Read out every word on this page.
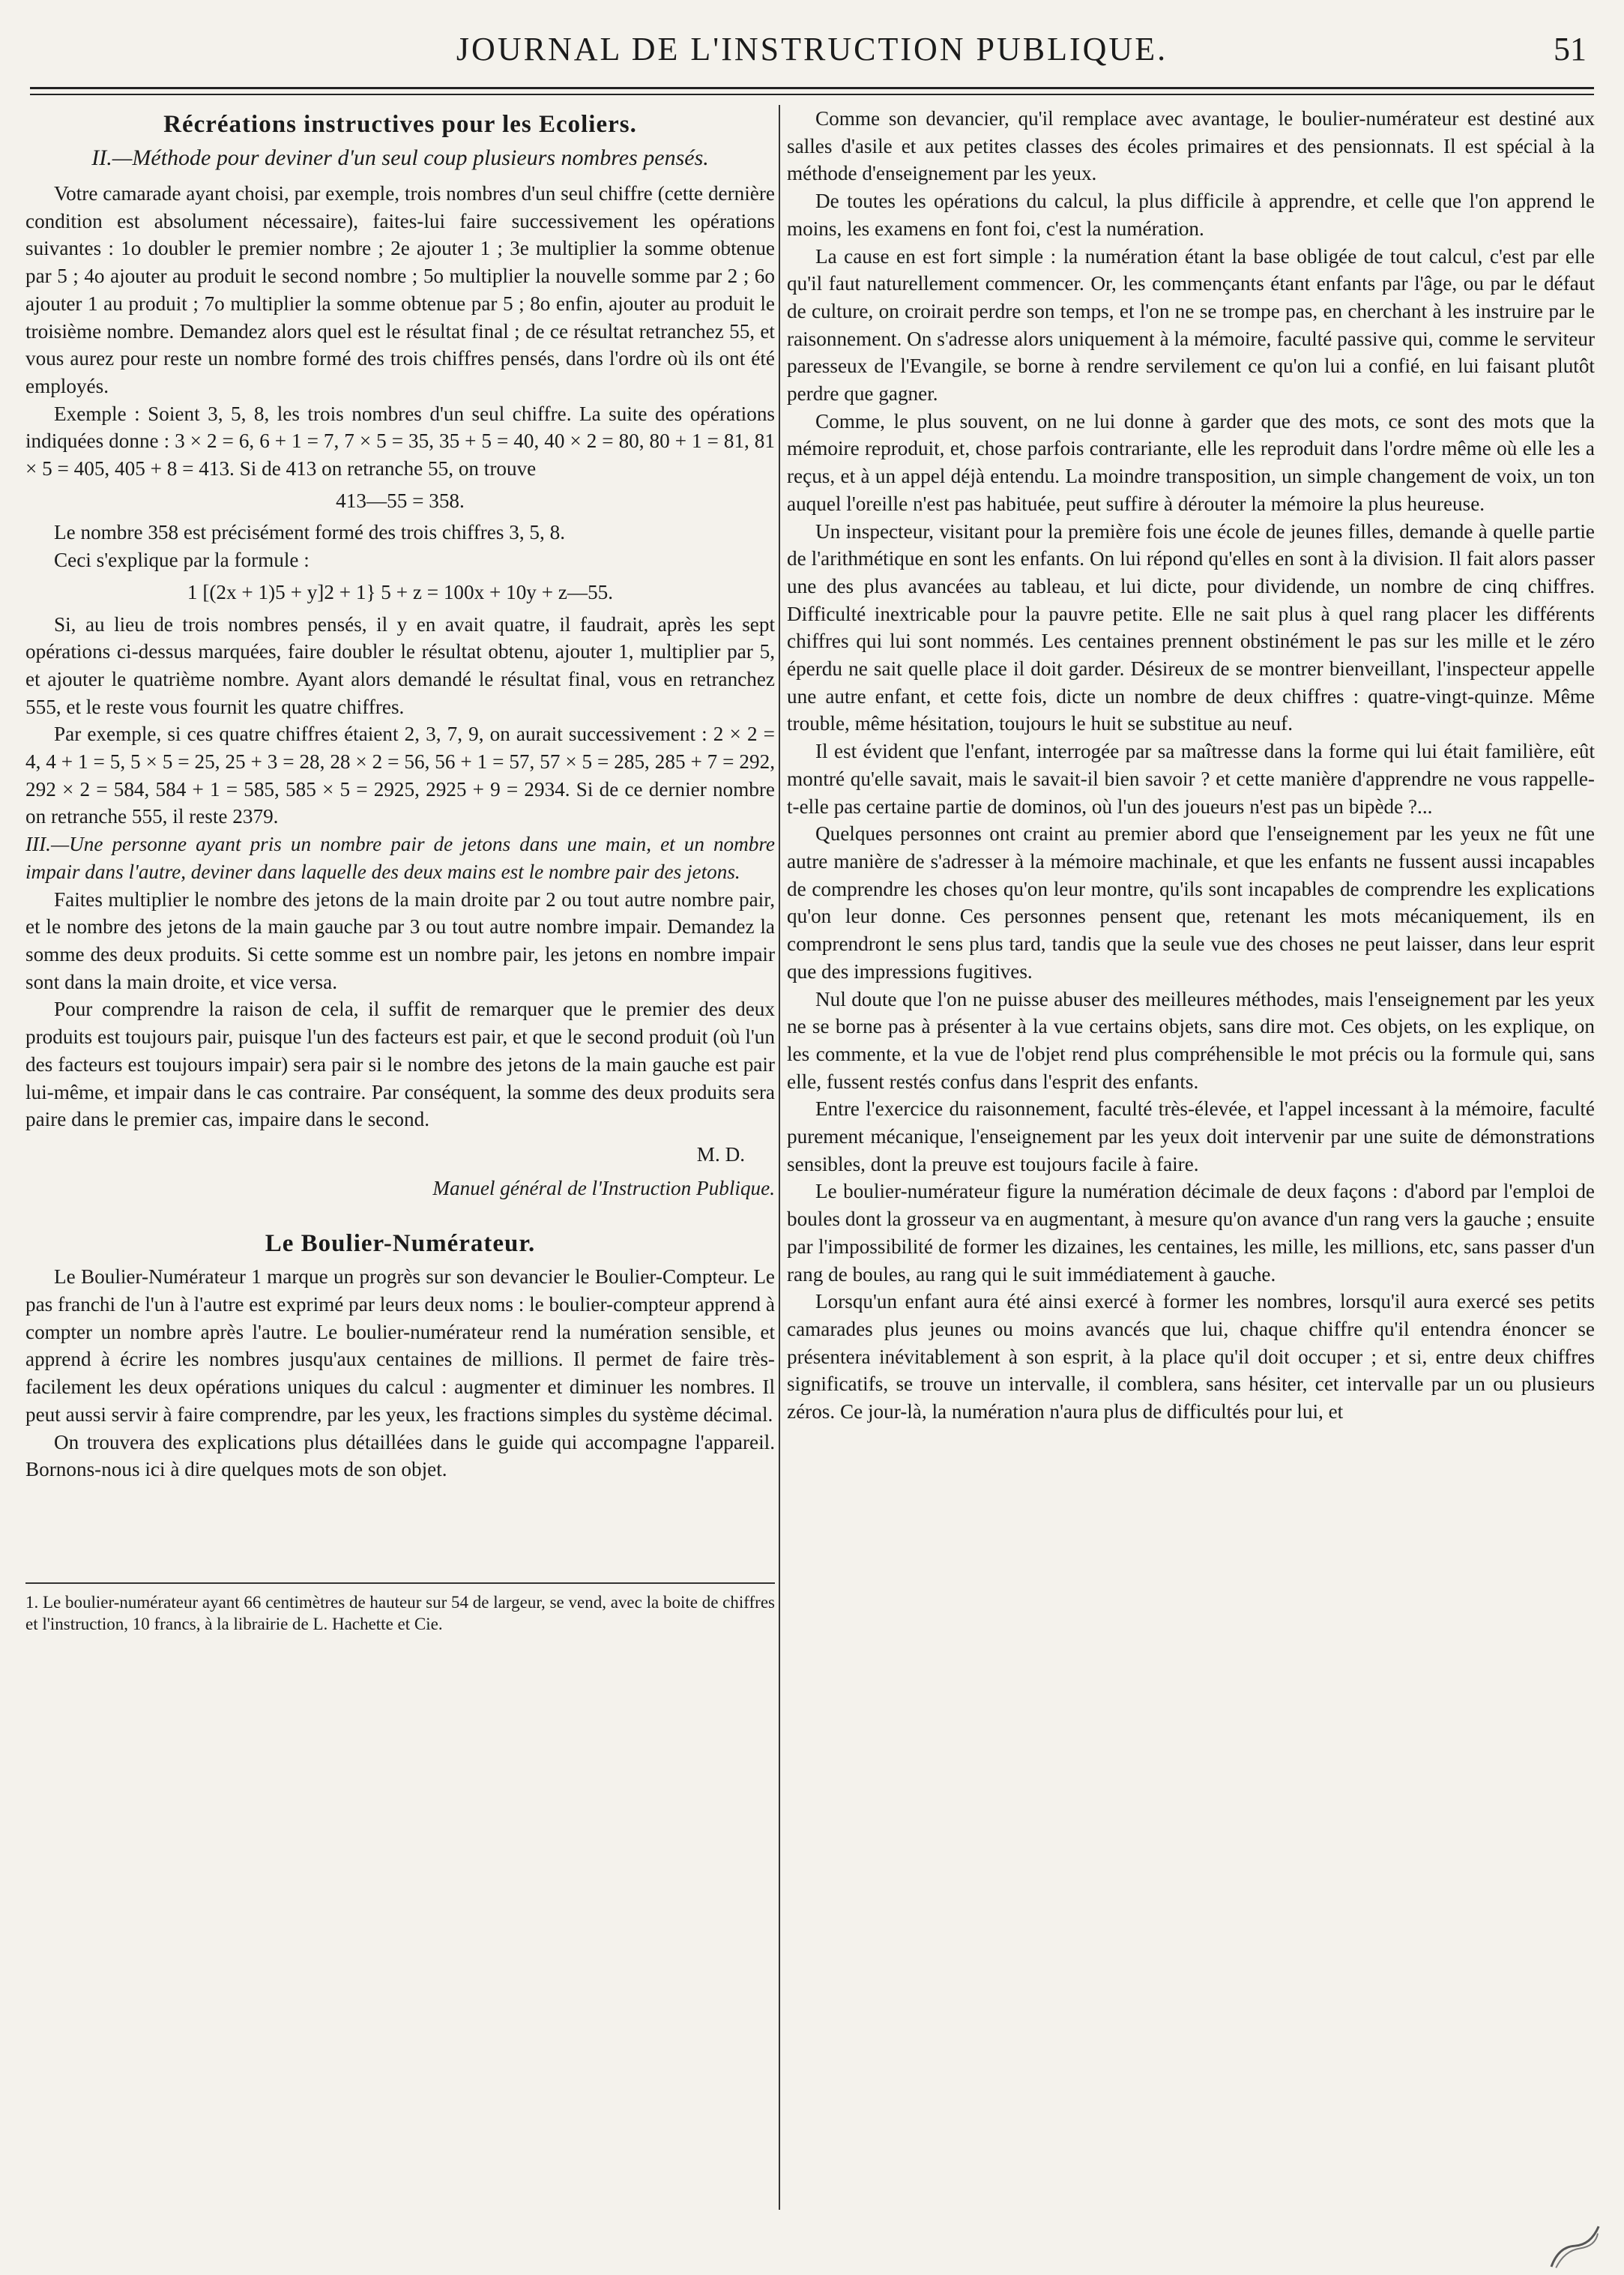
JOURNAL DE L'INSTRUCTION PUBLIQUE.	51
Récréations instructives pour les Ecoliers.
II.—Méthode pour deviner d'un seul coup plusieurs nombres pensés.

Votre camarade ayant choisi, par exemple, trois nombres d'un seul chiffre (cette dernière condition est absolument nécessaire), faites-lui faire successivement les opérations suivantes : 1o doubler le premier nombre ; 2e ajouter 1 ; 3e multiplier la somme obtenue par 5 ; 4o ajouter au produit le second nombre ; 5o multiplier la nouvelle somme par 2 ; 6o ajouter 1 au produit ; 7o multiplier la somme obtenue par 5 ; 8o enfin, ajouter au produit le troisième nombre. Demandez alors quel est le résultat final ; de ce résultat retranchez 55, et vous aurez pour reste un nombre formé des trois chiffres pensés, dans l'ordre où ils ont été employés.

Exemple : Soient 3, 5, 8, les trois nombres d'un seul chiffre. La suite des opérations indiquées donne : 3 × 2 = 6, 6 + 1 = 7, 7 × 5 = 35, 35 + 5 = 40, 40 × 2 = 80, 80 + 1 = 81, 81 × 5 = 405, 405 + 8 = 413. Si de 413 on retranche 55, on trouve

413—55 = 358.

Le nombre 358 est précisément formé des trois chiffres 3, 5, 8.

Ceci s'explique par la formule :

1 [(2x + 1)5 + y]2 + 1} 5 + z = 100x + 10y + z—55.

Si, au lieu de trois nombres pensés, il y en avait quatre, il faudrait, après les sept opérations ci-dessus marquées, faire doubler le résultat obtenu, ajouter 1, multiplier par 5, et ajouter le quatrième nombre. Ayant alors demandé le résultat final, vous en retranchez 555, et le reste vous fournit les quatre chiffres.

Par exemple, si ces quatre chiffres étaient 2, 3, 7, 9, on aurait successivement : 2 × 2 = 4, 4 + 1 = 5, 5 × 5 = 25, 25 + 3 = 28, 28 × 2 = 56, 56 + 1 = 57, 57 × 5 = 285, 285 + 7 = 292, 292 × 2 = 584, 584 + 1 = 585, 585 × 5 = 2925, 2925 + 9 = 2934. Si de ce dernier nombre on retranche 555, il reste 2379.

III.—Une personne ayant pris un nombre pair de jetons dans une main, et un nombre impair dans l'autre, deviner dans laquelle des deux mains est le nombre pair des jetons.

Faites multiplier le nombre des jetons de la main droite par 2 ou tout autre nombre pair, et le nombre des jetons de la main gauche par 3 ou tout autre nombre impair. Demandez la somme des deux produits. Si cette somme est un nombre pair, les jetons en nombre impair sont dans la main droite, et vice versa.

Pour comprendre la raison de cela, il suffit de remarquer que le premier des deux produits est toujours pair, puisque l'un des facteurs est pair, et que le second produit (où l'un des facteurs est toujours impair) sera pair si le nombre des jetons de la main gauche est pair lui-même, et impair dans le cas contraire. Par conséquent, la somme des deux produits sera paire dans le premier cas, impaire dans le second.

M. D.
Manuel général de l'Instruction Publique.
Le Boulier-Numérateur.

Le Boulier-Numérateur 1 marque un progrès sur son devancier le Boulier-Compteur. Le pas franchi de l'un à l'autre est exprimé par leurs deux noms : le boulier-compteur apprend à compter un nombre après l'autre. Le boulier-numérateur rend la numération sensible, et apprend à écrire les nombres jusqu'aux centaines de millions. Il permet de faire très-facilement les deux opérations uniques du calcul : augmenter et diminuer les nombres. Il peut aussi servir à faire comprendre, par les yeux, les fractions simples du système décimal.

On trouvera des explications plus détaillées dans le guide qui accompagne l'appareil. Bornons-nous ici à dire quelques mots de son objet.

1. Le boulier-numérateur ayant 66 centimètres de hauteur sur 54 de largeur, se vend, avec la boite de chiffres et l'instruction, 10 francs, à la librairie de L. Hachette et Cie.

Comme son devancier, qu'il remplace avec avantage, le boulier-numérateur est destiné aux salles d'asile et aux petites classes des écoles primaires et des pensionnats. Il est spécial à la méthode d'enseignement par les yeux.

De toutes les opérations du calcul, la plus difficile à apprendre, et celle que l'on apprend le moins, les examens en font foi, c'est la numération.

La cause en est fort simple : la numération étant la base obligée de tout calcul, c'est par elle qu'il faut naturellement commencer. Or, les commençants étant enfants par l'âge, ou par le défaut de culture, on croirait perdre son temps, et l'on ne se trompe pas, en cherchant à les instruire par le raisonnement. On s'adresse alors uniquement à la mémoire, faculté passive qui, comme le serviteur paresseux de l'Evangile, se borne à rendre servilement ce qu'on lui a confié, en lui faisant plutôt perdre que gagner.

Comme, le plus souvent, on ne lui donne à garder que des mots, ce sont des mots que la mémoire reproduit, et, chose parfois contrariante, elle les reproduit dans l'ordre même où elle les a reçus, et à un appel déjà entendu. La moindre transposition, un simple changement de voix, un ton auquel l'oreille n'est pas habituée, peut suffire à dérouter la mémoire la plus heureuse.

Un inspecteur, visitant pour la première fois une école de jeunes filles, demande à quelle partie de l'arithmétique en sont les enfants. On lui répond qu'elles en sont à la division. Il fait alors passer une des plus avancées au tableau, et lui dicte, pour dividende, un nombre de cinq chiffres. Difficulté inextricable pour la pauvre petite. Elle ne sait plus à quel rang placer les différents chiffres qui lui sont nommés. Les centaines prennent obstinément le pas sur les mille et le zéro éperdu ne sait quelle place il doit garder. Désireux de se montrer bienveillant, l'inspecteur appelle une autre enfant, et cette fois, dicte un nombre de deux chiffres : quatre-vingt-quinze. Même trouble, même hésitation, toujours le huit se substitue au neuf.

Il est évident que l'enfant, interrogée par sa maîtresse dans la forme qui lui était familière, eût montré qu'elle savait, mais le savait-il bien savoir ? et cette manière d'apprendre ne vous rappelle-t-elle pas certaine partie de dominos, où l'un des joueurs n'est pas un bipède ?...

Quelques personnes ont craint au premier abord que l'enseignement par les yeux ne fût une autre manière de s'adresser à la mémoire machinale, et que les enfants ne fussent aussi incapables de comprendre les choses qu'on leur montre, qu'ils sont incapables de comprendre les explications qu'on leur donne. Ces personnes pensent que, retenant les mots mécaniquement, ils en comprendront le sens plus tard, tandis que la seule vue des choses ne peut laisser, dans leur esprit que des impressions fugitives.

Nul doute que l'on ne puisse abuser des meilleures méthodes, mais l'enseignement par les yeux ne se borne pas à présenter à la vue certains objets, sans dire mot. Ces objets, on les explique, on les commente, et la vue de l'objet rend plus compréhensible le mot précis ou la formule qui, sans elle, fussent restés confus dans l'esprit des enfants.

Entre l'exercice du raisonnement, faculté très-élevée, et l'appel incessant à la mémoire, faculté purement mécanique, l'enseignement par les yeux doit intervenir par une suite de démonstrations sensibles, dont la preuve est toujours facile à faire.

Le boulier-numérateur figure la numération décimale de deux façons : d'abord par l'emploi de boules dont la grosseur va en augmentant, à mesure qu'on avance d'un rang vers la gauche ; ensuite par l'impossibilité de former les dizaines, les centaines, les mille, les millions, etc, sans passer d'un rang de boules, au rang qui le suit immédiatement à gauche.

Lorsqu'un enfant aura été ainsi exercé à former les nombres, lorsqu'il aura exercé ses petits camarades plus jeunes ou moins avancés que lui, chaque chiffre qu'il entendra énoncer se présentera inévitablement à son esprit, à la place qu'il doit occuper ; et si, entre deux chiffres significatifs, se trouve un intervalle, il comblera, sans hésiter, cet intervalle par un ou plusieurs zéros. Ce jour-là, la numération n'aura plus de difficultés pour lui, et
